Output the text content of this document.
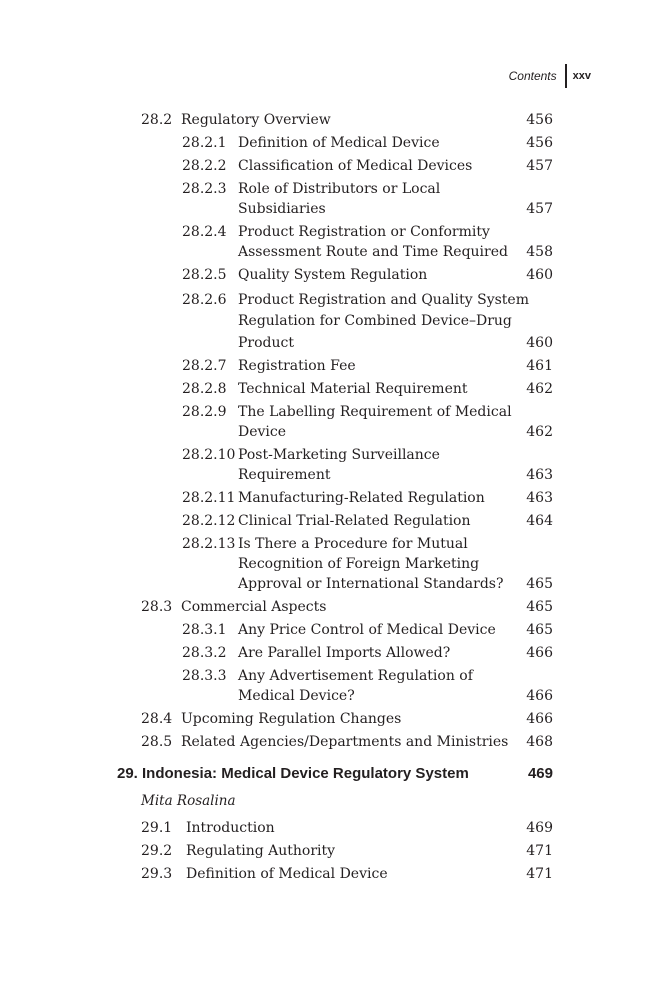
Contents xxv
28.2 Regulatory Overview	456
28.2.1 Definition of Medical Device	456
28.2.2 Classification of Medical Devices	457
28.2.3 Role of Distributors or Local
Subsidiaries	457
28.2.4 Product Registration or Conformity
Assessment Route and Time Required	458
28.2.5 Quality System Regulation	460
28.2.6 Product Registration and Quality System
Regulation for Combined Device–Drug
Product	460
28.2.7 Registration Fee	461
28.2.8 Technical Material Requirement	462
28.2.9 The Labelling Requirement of Medical
Device	462
28.2.10 Post-Marketing Surveillance
Requirement	463
28.2.11 Manufacturing-Related Regulation	463
28.2.12 Clinical Trial-Related Regulation	464
28.2.13 Is There a Procedure for Mutual
Recognition of Foreign Marketing
Approval or International Standards?	465
28.3 Commercial Aspects	465
28.3.1 Any Price Control of Medical Device	465
28.3.2 Are Parallel Imports Allowed?	466
28.3.3 Any Advertisement Regulation of
Medical Device?	466
28.4 Upcoming Regulation Changes	466
28.5 Related Agencies/Departments and Ministries	468
29. Indonesia: Medical Device Regulatory System	469
Mita Rosalina
29.1 Introduction	469
29.2 Regulating Authority	471
29.3 Definition of Medical Device	471
